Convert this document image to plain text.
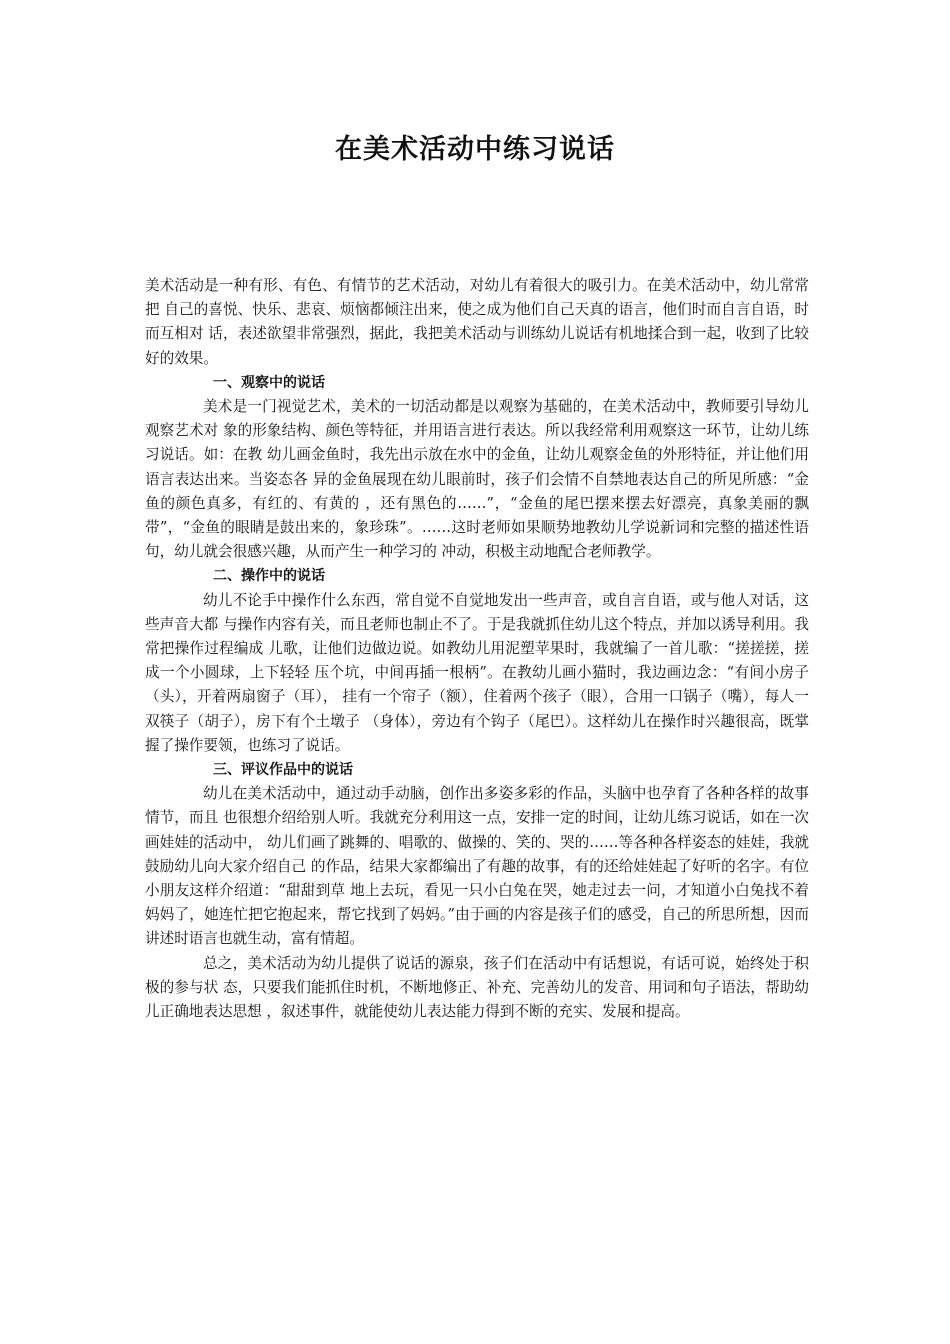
在美术活动中练习说话

美术活动是一种有形、有色、有情节的艺术活动，对幼儿有着很大的吸引力。在美术活动中，幼儿常常把 自己的喜悦、快乐、悲哀、烦恼都倾注出来，使之成为他们自己天真的语言，他们时而自言自语，时而互相对 话，表述欲望非常强烈，据此，我把美术活动与训练幼儿说话有机地揉合到一起，收到了比较好的效果。

一、观察中的说话

美术是一门视觉艺术，美术的一切活动都是以观察为基础的，在美术活动中，教师要引导幼儿观察艺术对 象的形象结构、颜色等特征，并用语言进行表达。所以我经常利用观察这一环节，让幼儿练习说话。如：在教 幼儿画金鱼时，我先出示放在水中的金鱼，让幼儿观察金鱼的外形特征，并让他们用语言表达出来。当姿态各 异的金鱼展现在幼儿眼前时，孩子们会情不自禁地表达自己的所见所感：“金鱼的颜色真多，有红的、有黄的 ，还有黑色的……”，“金鱼的尾巴摆来摆去好漂亮，真象美丽的飘带”，“金鱼的眼睛是鼓出来的，象珍珠”。……这时老师如果顺势地教幼儿学说新词和完整的描述性语句，幼儿就会很感兴趣，从而产生一种学习的 冲动，积极主动地配合老师教学。

二、操作中的说话

幼儿不论手中操作什么东西，常自觉不自觉地发出一些声音，或自言自语，或与他人对话，这些声音大都 与操作内容有关，而且老师也制止不了。于是我就抓住幼儿这个特点，并加以诱导利用。我常把操作过程编成 儿歌，让他们边做边说。如教幼儿用泥塑苹果时，我就编了一首儿歌：“搓搓搓，搓成一个小圆球，上下轻轻 压个坑，中间再插一根柄”。在教幼儿画小猫时，我边画边念：“有间小房子（头），开着两扇窗子（耳）， 挂有一个帘子（额），住着两个孩子（眼），合用一口锅子（嘴），每人一双筷子（胡子），房下有个土墩子 （身体），旁边有个钩子（尾巴）。这样幼儿在操作时兴趣很高，既掌握了操作要领，也练习了说话。

三、评议作品中的说话

幼儿在美术活动中，通过动手动脑，创作出多姿多彩的作品，头脑中也孕育了各种各样的故事情节，而且 也很想介绍给别人听。我就充分利用这一点，安排一定的时间，让幼儿练习说话，如在一次画娃娃的活动中， 幼儿们画了跳舞的、唱歌的、做操的、笑的、哭的……等各种各样姿态的娃娃，我就鼓励幼儿向大家介绍自己 的作品，结果大家都编出了有趣的故事，有的还给娃娃起了好听的名字。有位小朋友这样介绍道：“甜甜到草 地上去玩，看见一只小白兔在哭，她走过去一问，才知道小白兔找不着妈妈了，她连忙把它抱起来，帮它找到了妈妈。”由于画的内容是孩子们的感受，自己的所思所想，因而讲述时语言也就生动，富有情超。

总之，美术活动为幼儿提供了说话的源泉，孩子们在活动中有话想说，有话可说，始终处于积极的参与状 态，只要我们能抓住时机，不断地修正、补充、完善幼儿的发音、用词和句子语法，帮助幼儿正确地表达思想 ，叙述事件，就能使幼儿表达能力得到不断的充实、发展和提高。
